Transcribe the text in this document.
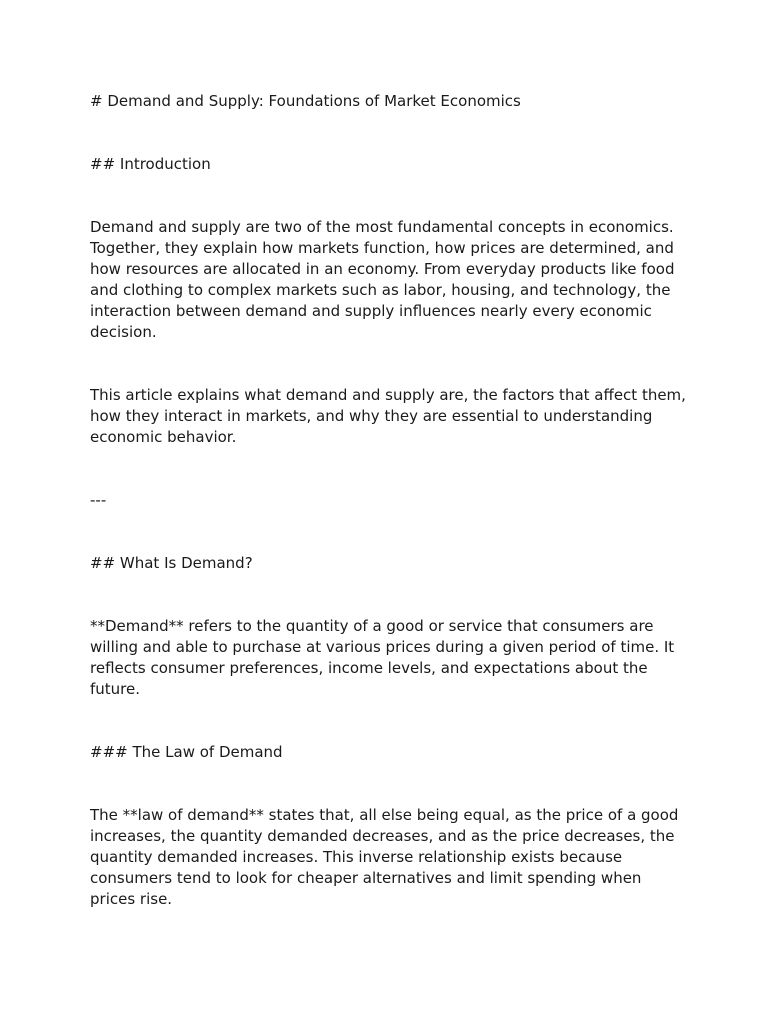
# Demand and Supply: Foundations of Market Economics

## Introduction

Demand and supply are two of the most fundamental concepts in economics. Together, they explain how markets function, how prices are determined, and how resources are allocated in an economy. From everyday products like food and clothing to complex markets such as labor, housing, and technology, the interaction between demand and supply influences nearly every economic decision.

This article explains what demand and supply are, the factors that affect them, how they interact in markets, and why they are essential to understanding economic behavior.

---

## What Is Demand?

**Demand** refers to the quantity of a good or service that consumers are willing and able to purchase at various prices during a given period of time. It reflects consumer preferences, income levels, and expectations about the future.

### The Law of Demand

The **law of demand** states that, all else being equal, as the price of a good increases, the quantity demanded decreases, and as the price decreases, the quantity demanded increases. This inverse relationship exists because consumers tend to look for cheaper alternatives and limit spending when prices rise.
